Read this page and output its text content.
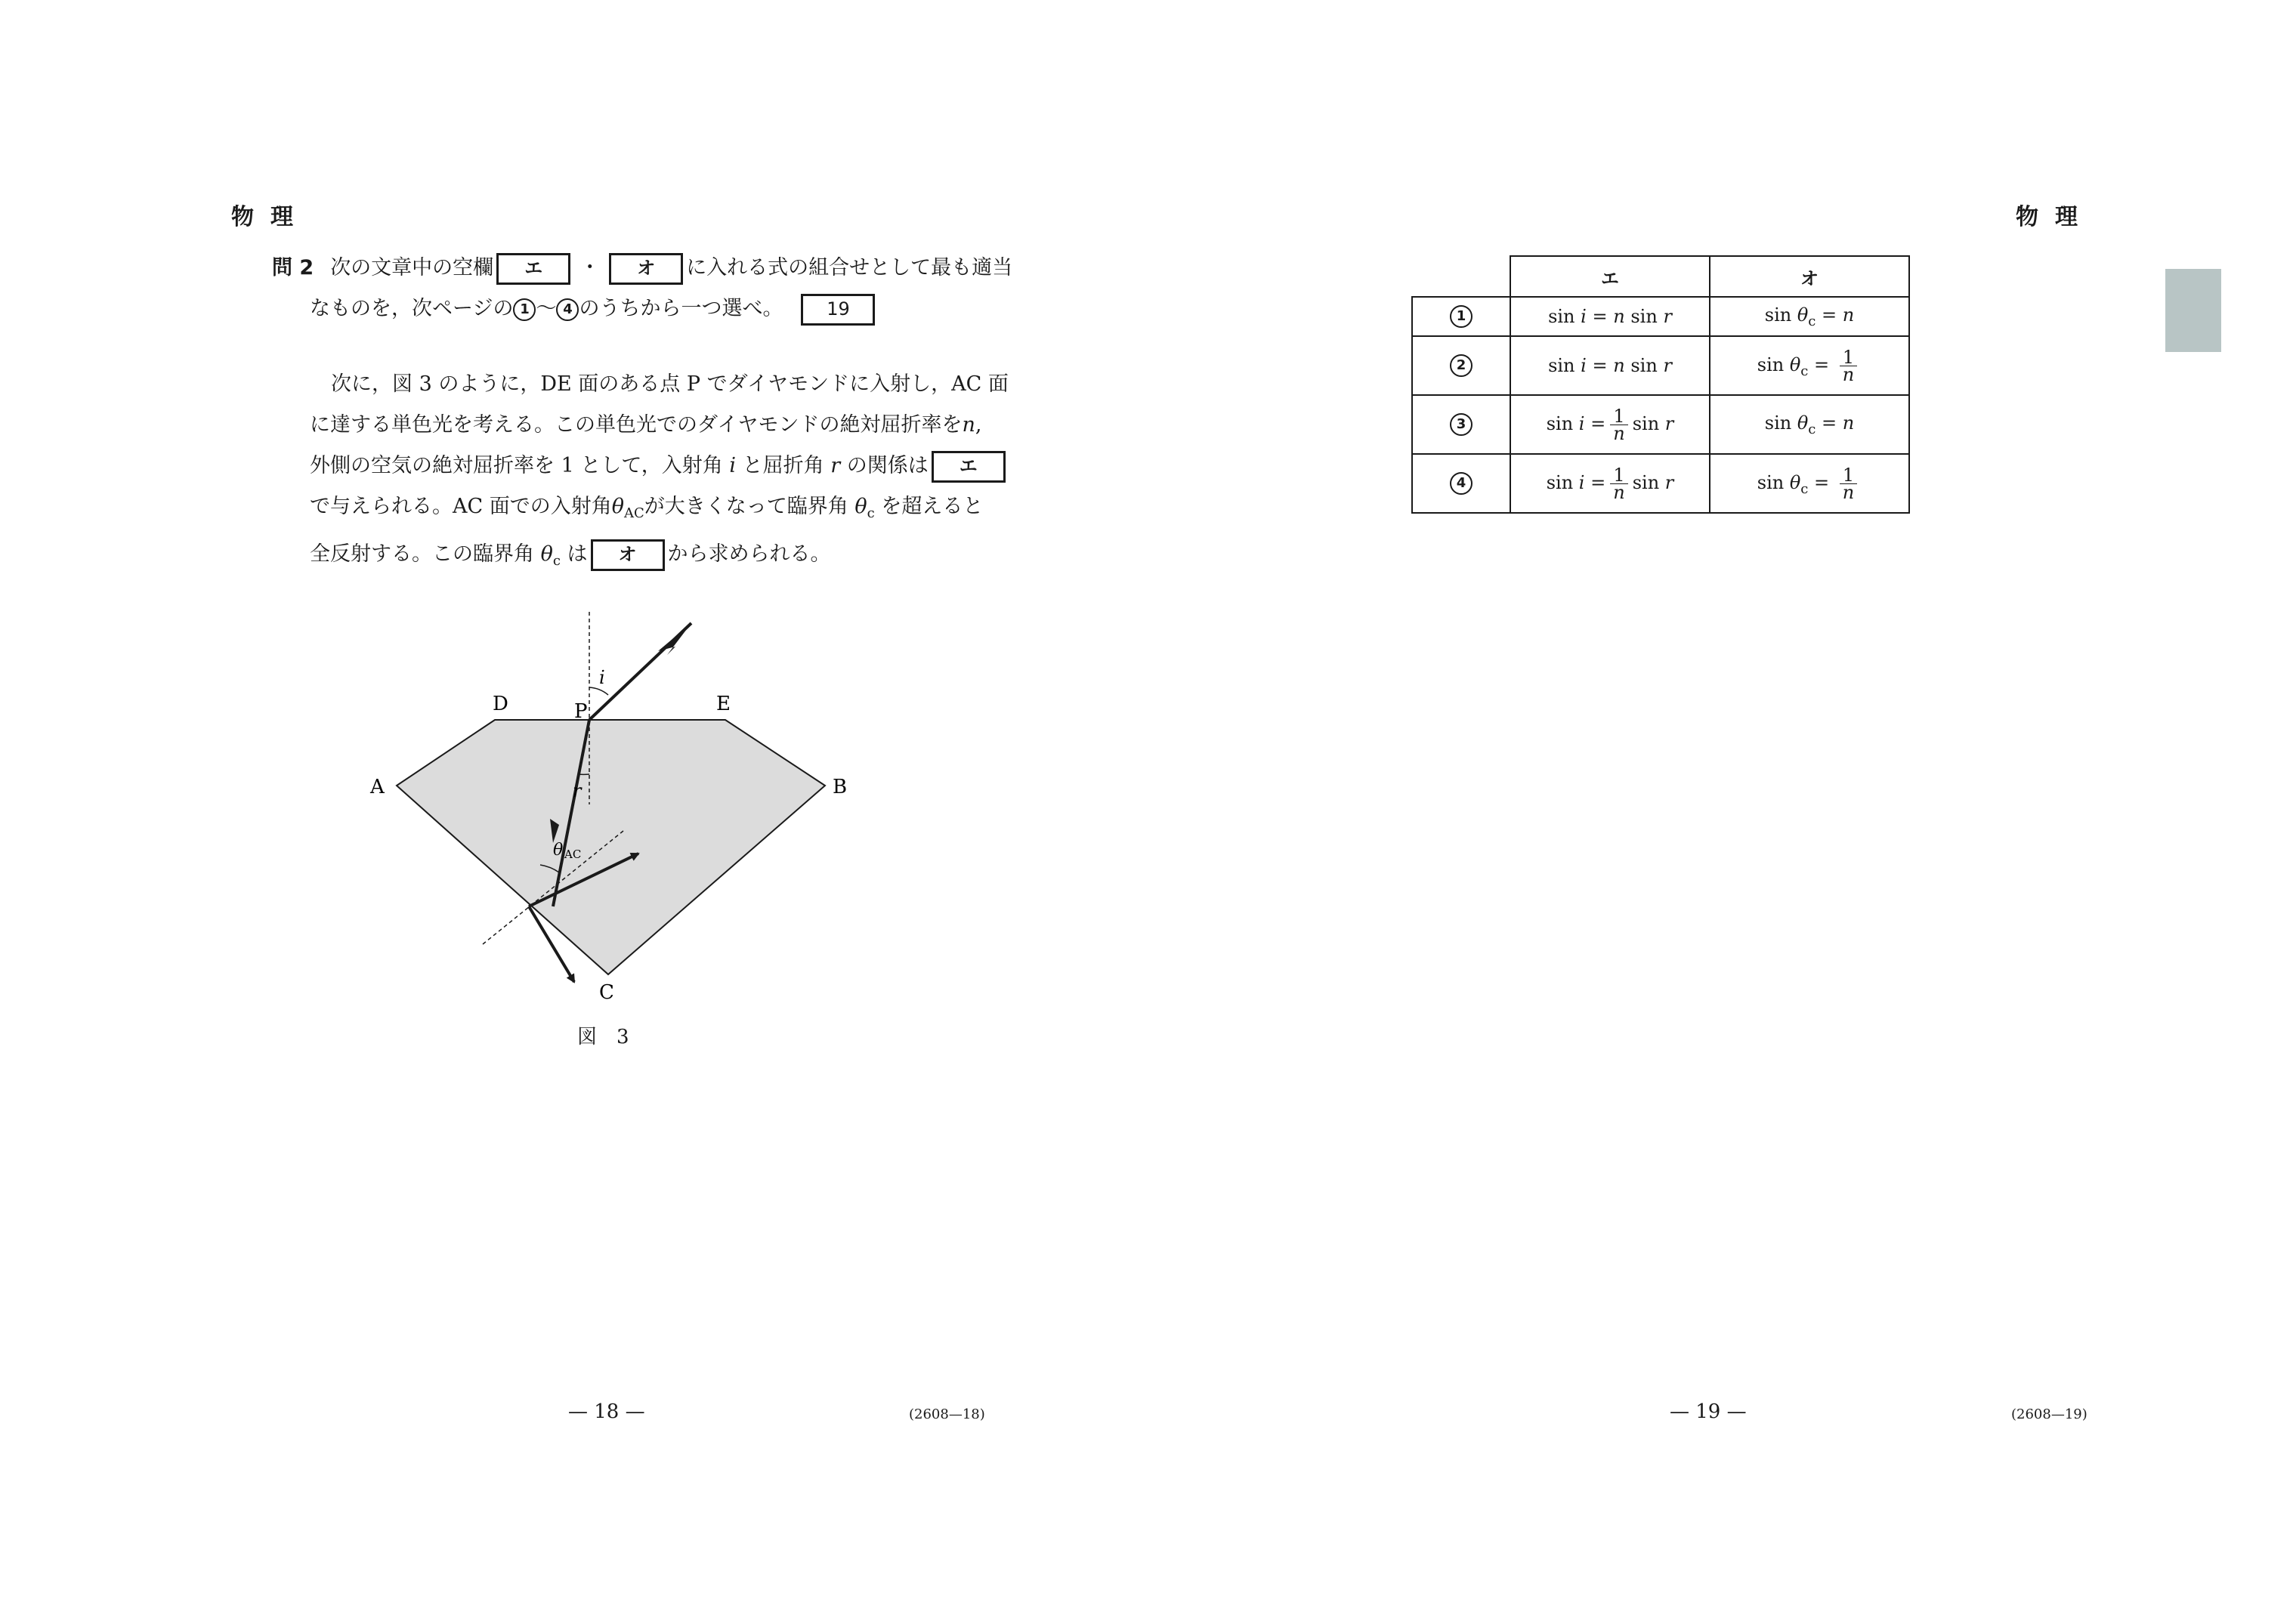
物理
問 2 次の文章中の空欄 エ ・ オ に入れる式の組合せとして最も適当
なものを，次ページの 1 〜 4 のうちから一つ選べ。 19
次に，図 3 のように，DE 面のある点 P でダイヤモンドに入射し，AC 面
に達する単色光を考える。この単色光でのダイヤモンドの絶対屈折率をn,
外側の空気の絶対屈折率を 1 として，入射角 i と屈折角 r の関係は エ
で与えられる。AC 面での入射角$\theta_{AC}$が大きくなって臨界角 $\theta_c$ を超えると
全反射する。この臨界角 $\theta_c$ は オ から求められる。
D	P	E
A	B
C
i
r
θ AC
図　3
— 18 —	(2608—18)
物理
	エ	オ
1	sin i = n sin r	$\sin \theta_c = n$
2	sin i = n sin r	$\sin \theta_c = \frac{1}{n}$

3	$\sin i = \frac{1}{n}$ sin r	$\sin \theta_c = n$
4	$\sin i = \frac{1}{n}$ sin r	$\sin \theta_c = \frac{1}{n}$
— 19 —	(2608—19)
